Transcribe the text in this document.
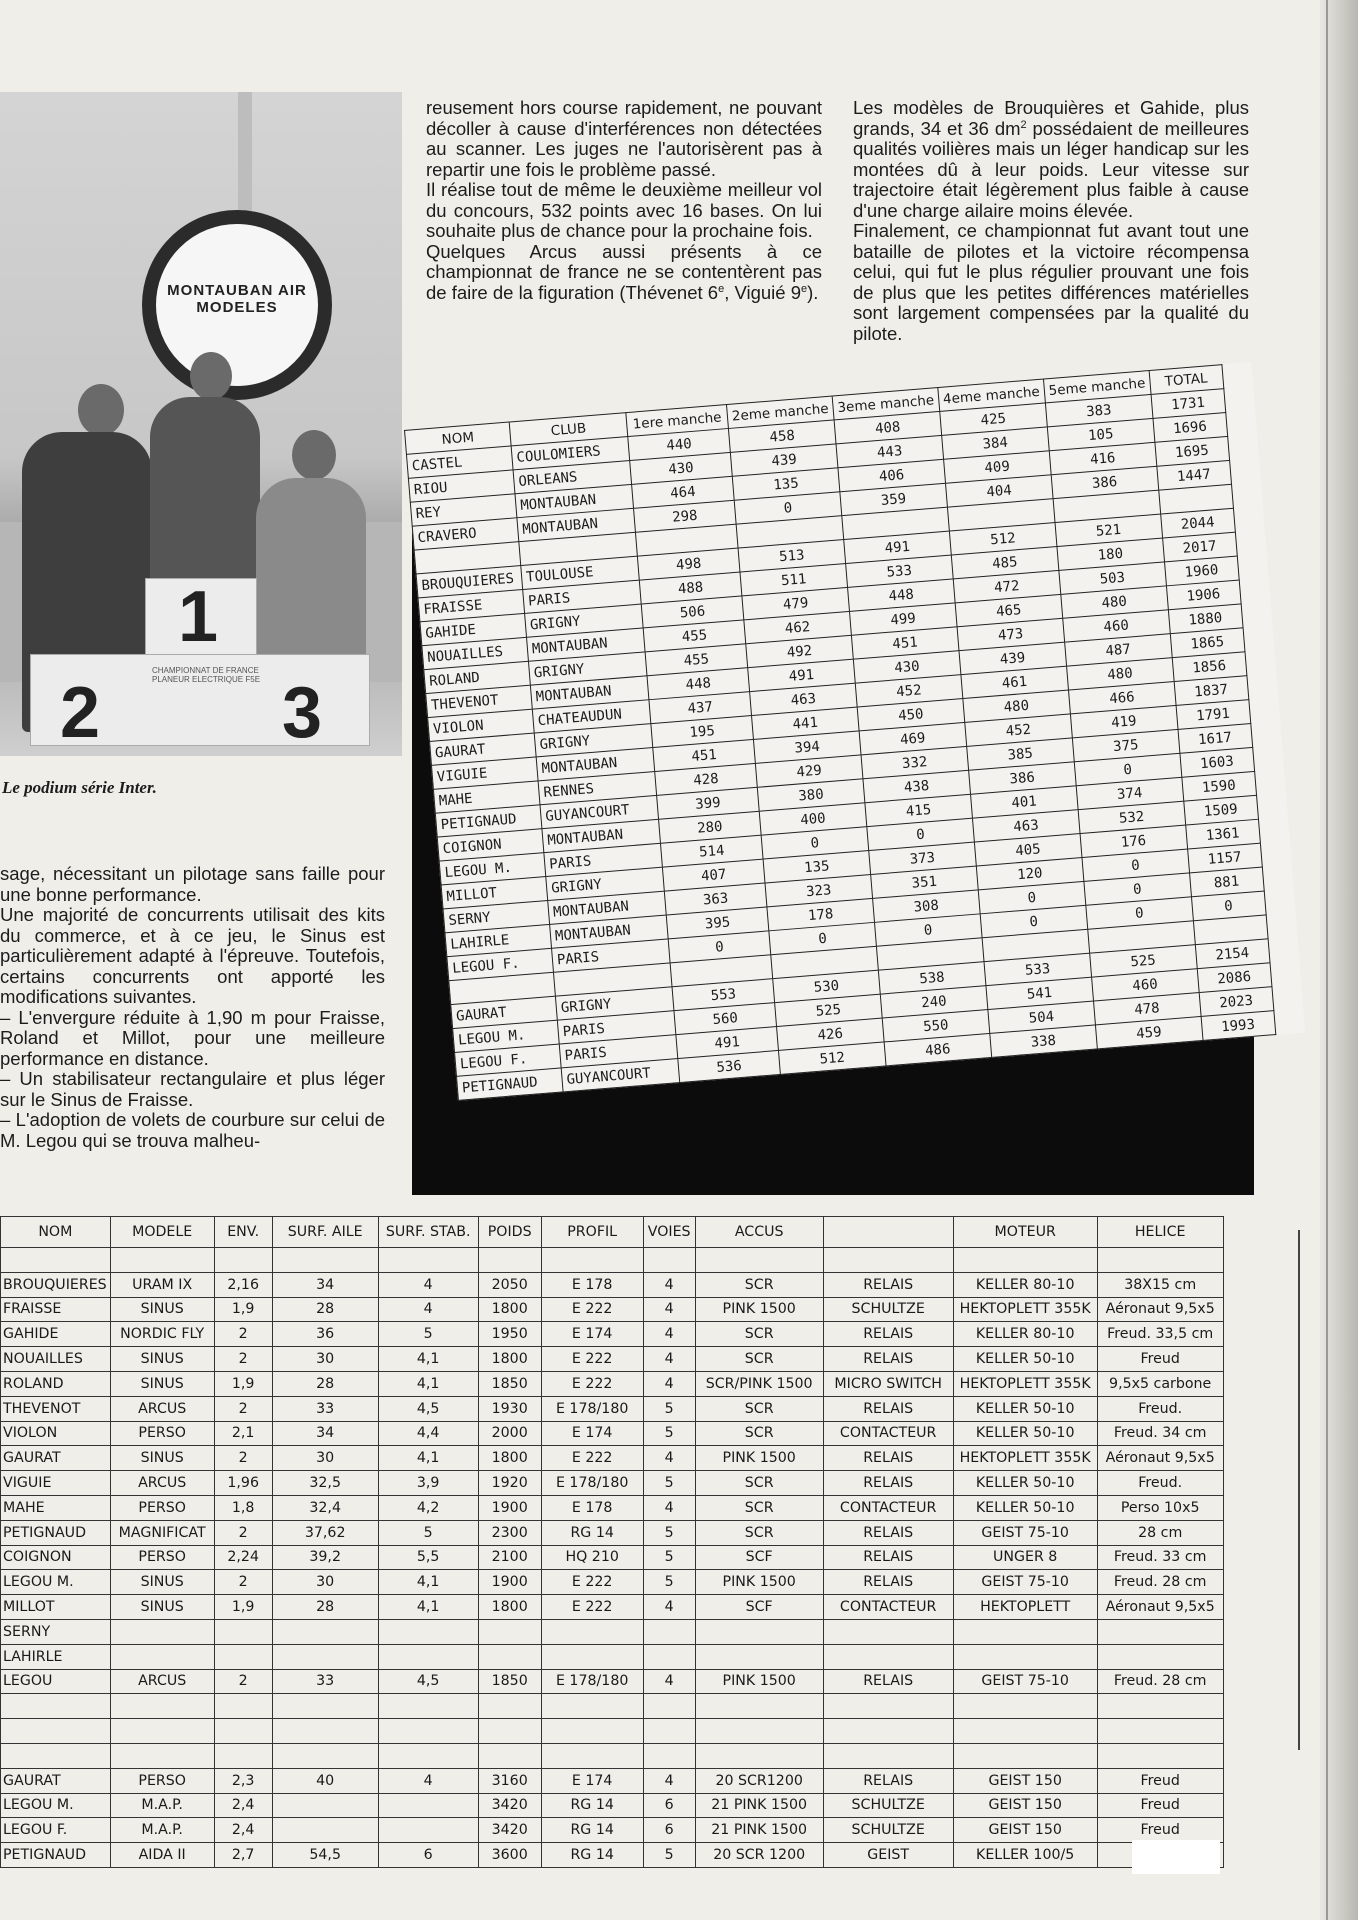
MONTAUBAN AIR MODELES
1
2	3
CHAMPIONNAT DE FRANCE PLANEUR ELECTRIQUE F5E
Le podium série Inter.

sage, nécessitant un pilotage sans faille pour une bonne performance.

Une majorité de concurrents utilisait des kits du commerce, et à ce jeu, le Sinus est particulièrement adapté à l'épreuve. Toutefois, certains concurrents ont apporté les modifications suivantes.

– L'envergure réduite à 1,90 m pour Fraisse, Roland et Millot, pour une meilleure performance en distance.

– Un stabilisateur rectangulaire et plus léger sur le Sinus de Fraisse.

– L'adoption de volets de courbure sur celui de M. Legou qui se trouva malheu-

reusement hors course rapidement, ne pouvant décoller à cause d'interférences non détectées au scanner. Les juges ne l'autorisèrent pas à repartir une fois le problème passé.

Il réalise tout de même le deuxième meilleur vol du concours, 532 points avec 16 bases. On lui souhaite plus de chance pour la prochaine fois.

Quelques Arcus aussi présents à ce championnat de france ne se contentèrent pas de faire de la figuration (Thévenet 6e, Viguié 9e).

Les modèles de Brouquières et Gahide, plus grands, 34 et 36 $dm^2$ possédaient de meilleures qualités voilières mais un léger handicap sur les montées dû à leur poids. Leur vitesse sur trajectoire était légèrement plus faible à cause d'une charge ailaire moins élevée.

Finalement, ce championnat fut avant tout une bataille de pilotes et la victoire récompensa celui, qui fut le plus régulier prouvant une fois de plus que les petites différences matérielles sont largement compensées par la qualité du pilote.

NOM	CLUB	1ere manche	2eme manche	3eme manche	4eme manche	5eme manche	TOTAL
CASTEL	COULOMIERS	440	458	408	425	383	1731
RIOU	ORLEANS	430	439	443	384	105	1696
REY	MONTAUBAN	464	135	406	409	416	1695
CRAVERO	MONTAUBAN	298	0	359	404	386	1447

BROUQUIERES	TOULOUSE	498	513	491	512	521	2044
FRAISSE	PARIS	488	511	533	485	180	2017
GAHIDE	GRIGNY	506	479	448	472	503	1960
NOUAILLES	MONTAUBAN	455	462	499	465	480	1906
ROLAND	GRIGNY	455	492	451	473	460	1880
THEVENOT	MONTAUBAN	448	491	430	439	487	1865
VIOLON	CHATEAUDUN	437	463	452	461	480	1856
GAURAT	GRIGNY	195	441	450	480	466	1837
VIGUIE	MONTAUBAN	451	394	469	452	419	1791
MAHE	RENNES	428	429	332	385	375	1617
PETIGNAUD	GUYANCOURT	399	380	438	386	0	1603
COIGNON	MONTAUBAN	280	400	415	401	374	1590
LEGOU M.	PARIS	514	0	0	463	532	1509
MILLOT	GRIGNY	407	135	373	405	176	1361
SERNY	MONTAUBAN	363	323	351	120	0	1157
LAHIRLE	MONTAUBAN	395	178	308	0	0	881
LEGOU F.	PARIS	0	0	0	0	0	0

GAURAT	GRIGNY	553	530	538	533	525	2154
LEGOU M.	PARIS	560	525	240	541	460	2086
LEGOU F.	PARIS	491	426	550	504	478	2023
PETIGNAUD	GUYANCOURT	536	512	486	338	459	1993
NOM	MODELE	ENV.	SURF. AILE	SURF. STAB.	POIDS	PROFIL	VOIES	ACCUS		MOTEUR	HELICE

BROUQUIERES	URAM IX	2,16	34	4	2050	E 178	4	SCR	RELAIS	KELLER 80-10	38X15 cm
FRAISSE	SINUS	1,9	28	4	1800	E 222	4	PINK 1500	SCHULTZE	HEKTOPLETT 355K	Aéronaut 9,5x5
GAHIDE	NORDIC FLY	2	36	5	1950	E 174	4	SCR	RELAIS	KELLER 80-10	Freud. 33,5 cm
NOUAILLES	SINUS	2	30	4,1	1800	E 222	4	SCR	RELAIS	KELLER 50-10	Freud
ROLAND	SINUS	1,9	28	4,1	1850	E 222	4	SCR/PINK 1500	MICRO SWITCH	HEKTOPLETT 355K	9,5x5 carbone
THEVENOT	ARCUS	2	33	4,5	1930	E 178/180	5	SCR	RELAIS	KELLER 50-10	Freud.
VIOLON	PERSO	2,1	34	4,4	2000	E 174	5	SCR	CONTACTEUR	KELLER 50-10	Freud. 34 cm
GAURAT	SINUS	2	30	4,1	1800	E 222	4	PINK 1500	RELAIS	HEKTOPLETT 355K	Aéronaut 9,5x5
VIGUIE	ARCUS	1,96	32,5	3,9	1920	E 178/180	5	SCR	RELAIS	KELLER 50-10	Freud.
MAHE	PERSO	1,8	32,4	4,2	1900	E 178	4	SCR	CONTACTEUR	KELLER 50-10	Perso 10x5
PETIGNAUD	MAGNIFICAT	2	37,62	5	2300	RG 14	5	SCR	RELAIS	GEIST 75-10	28 cm
COIGNON	PERSO	2,24	39,2	5,5	2100	HQ 210	5	SCF	RELAIS	UNGER 8	Freud. 33 cm
LEGOU M.	SINUS	2	30	4,1	1900	E 222	5	PINK 1500	RELAIS	GEIST 75-10	Freud. 28 cm
MILLOT	SINUS	1,9	28	4,1	1800	E 222	4	SCF	CONTACTEUR	HEKTOPLETT	Aéronaut 9,5x5
SERNY											
LAHIRLE											
LEGOU	ARCUS	2	33	4,5	1850	E 178/180	4	PINK 1500	RELAIS	GEIST 75-10	Freud. 28 cm

GAURAT	PERSO	2,3	40	4	3160	E 174	4	20 SCR1200	RELAIS	GEIST 150	Freud
LEGOU M.	M.A.P.	2,4			3420	RG 14	6	21 PINK 1500	SCHULTZE	GEIST 150	Freud
LEGOU F.	M.A.P.	2,4			3420	RG 14	6	21 PINK 1500	SCHULTZE	GEIST 150	Freud
PETIGNAUD	AIDA II	2,7	54,5	6	3600	RG 14	5	20 SCR 1200	GEIST	KELLER 100/5	
